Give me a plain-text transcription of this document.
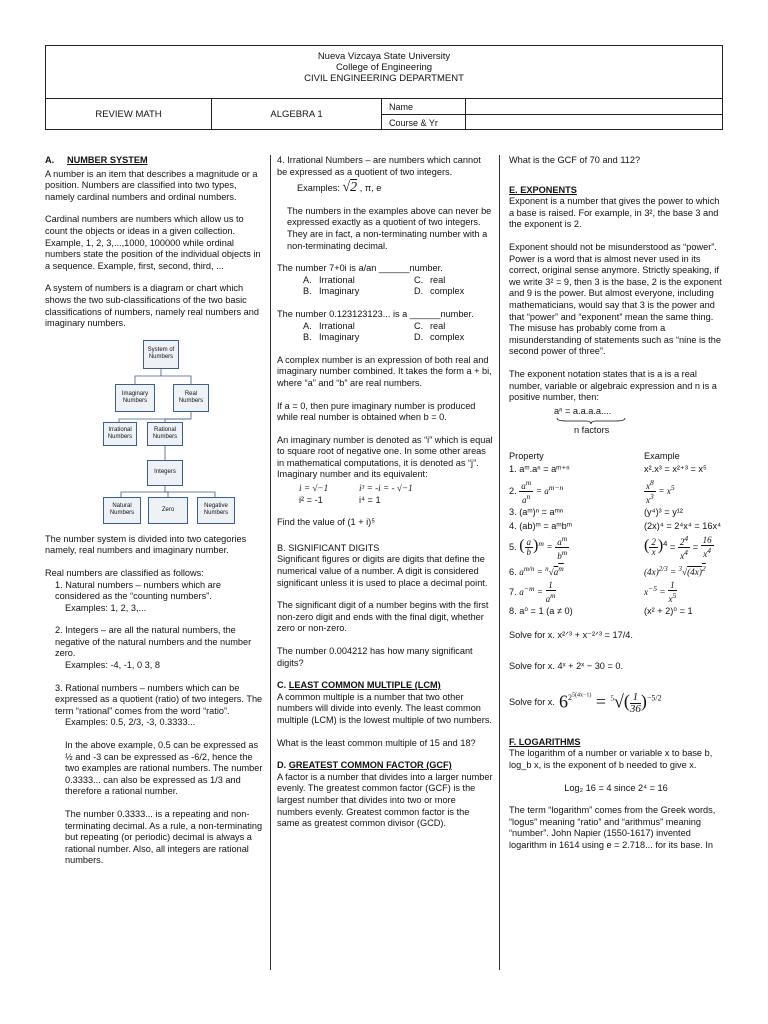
Nueva Vizcaya State University
College of Engineering
CIVIL ENGINEERING DEPARTMENT
REVIEW MATH	ALGEBRA 1
Name
Course & Yr

A. NUMBER SYSTEM

A number is an item that describes a magnitude or a position. Numbers are classified into two types, namely cardinal numbers and ordinal numbers.

Cardinal numbers are numbers which allow us to count the objects or ideas in a given collection. Example, 1, 2, 3,...,1000, 100000 while ordinal numbers state the position of the individual objects in a sequence. Example, first, second, third, ...

A system of numbers is a diagram or chart which shows the two sub-classifications of the two basic classifications of numbers, namely real numbers and imaginary numbers.

System of Numbers
Imaginary Numbers
Real Numbers
Irrational Numbers
Rational Numbers
Integers
Natural Numbers
Zero
Negative Numbers

The number system is divided into two categories namely, real numbers and imaginary number.

Real numbers are classified as follows:

1. Natural numbers – numbers which are considered as the “counting numbers”.

Examples: 1, 2, 3,...

2. Integers – are all the natural numbers, the negative of the natural numbers and the number zero.

Examples: -4, -1, 0 3, 8

3. Rational numbers – numbers which can be expressed as a quotient (ratio) of two integers. The term “rational” comes from the word “ratio”.

Examples: 0.5, 2/3, -3, 0.3333...

In the above example, 0.5 can be expressed as ½ and -3 can be expressed as -6/2, hence the two examples are rational numbers. The number 0.3333... can also be expressed as 1/3 and therefore a rational number.

The number 0.3333... is a repeating and non-terminating decimal. As a rule, a non-terminating but repeating (or periodic) decimal is always a rational number. Also, all integers are rational numbers.

4. Irrational Numbers – are numbers which cannot be expressed as a quotient of two integers.

Examples: √2 , π, e

The numbers in the examples above can never be expressed exactly as a quotient of two integers. They are in fact, a non-terminating number with a non-terminating decimal.

The number 7+0i is a/an ______number.

A. Irrational	C. real
B. Imaginary	D. complex

The number 0.123123123... is a ______number.

A. Irrational	C. real
B. Imaginary	D. complex

A complex number is an expression of both real and imaginary number combined. It takes the form a + bi, where “a” and “b” are real numbers.

If a = 0, then pure imaginary number is produced while real number is obtained when b = 0.

An imaginary number is denoted as “i” which is equal to square root of negative one. In some other areas in mathematical computations, it is denoted as “j”. Imaginary number and its equivalent:

i = √−1	i³ = -i = - √−1
i² = -1	i⁴ = 1

Find the value of (1 + i)⁵

B. SIGNIFICANT DIGITS

Significant figures or digits are digits that define the numerical value of a number. A digit is considered significant unless it is used to place a decimal point.

The significant digit of a number begins with the first non-zero digit and ends with the final digit, whether zero or non-zero.

The number 0.004212 has how many significant digits?

C. LEAST COMMON MULTIPLE (LCM)

A common multiple is a number that two other numbers will divide into evenly. The least common multiple (LCM) is the lowest multiple of two numbers.

What is the least common multiple of 15 and 18?

D. GREATEST COMMON FACTOR (GCF)

A factor is a number that divides into a larger number evenly. The greatest common factor (GCF) is the largest number that divides into two or more numbers evenly. Greatest common factor is the same as greatest common divisor (GCD).

What is the GCF of 70 and 112?

E. EXPONENTS

Exponent is a number that gives the power to which a base is raised. For example, in 3², the base 3 and the exponent is 2.

Exponent should not be misunderstood as “power”. Power is a word that is almost never used in its correct, original sense anymore. Strictly speaking, if we write 3² = 9, then 3 is the base, 2 is the exponent and 9 is the power. But almost everyone, including mathematicians, would say that 3 is the power and that “power” and “exponent” mean the same thing. The misuse has probably come from a misunderstanding of statements such as “nine is the second power of three”.

The exponent notation states that is a is a real number, variable or algebraic expression and n is a positive number, then:

aⁿ = a.a.a.a....
n factors
Property	Example
1. aᵐ.aⁿ = aᵐ⁺ⁿ	x².x³ = x²⁺³ = x⁵
2. $\frac{a^m}{a^n} = a^{m-n}$	$\frac{x^8}{x^3} = x^5$
3. (aᵐ)ⁿ = aᵐⁿ	(y⁴)³ = y¹²
4. (ab)ᵐ = aᵐbᵐ	(2x)⁴ = 2⁴x⁴ = 16x⁴
5. ( $\frac{a}{b} )^m = \frac{a^m}{b^m}$	( $\frac{2}{x} )^4 = \frac{2^4}{x^4} = \frac{16}{x^4}$
6. $a^{m/n} = ^n√a^m$	$(4x)^{2/3} = ^3√(4x)^2$
7. $a^{-m} = \frac{1}{a^m}$	$x^{-5} = \frac{1}{x^5}$
8. a⁰ = 1 (a ≠ 0)	(x² + 2)⁰ = 1

Solve for x. x²ᐟ³ + x⁻²ᐟ³ = 17/4.

Solve for x. 4ˣ + 2ˣ − 30 = 0.

Solve for x. $6^{2^{5(4x-1)}} = ^5√( \frac{1}{36} )^{-5/2}$

F. LOGARITHMS

The logarithm of a number or variable x to base b, log_b x, is the exponent of b needed to give x.

Log₂ 16 = 4 since 2⁴ = 16

The term “logarithm” comes from the Greek words, “logus” meaning “ratio” and “arithmus” meaning “number”. John Napier (1550-1617) invented logarithm in 1614 using e = 2.718... for its base. In
